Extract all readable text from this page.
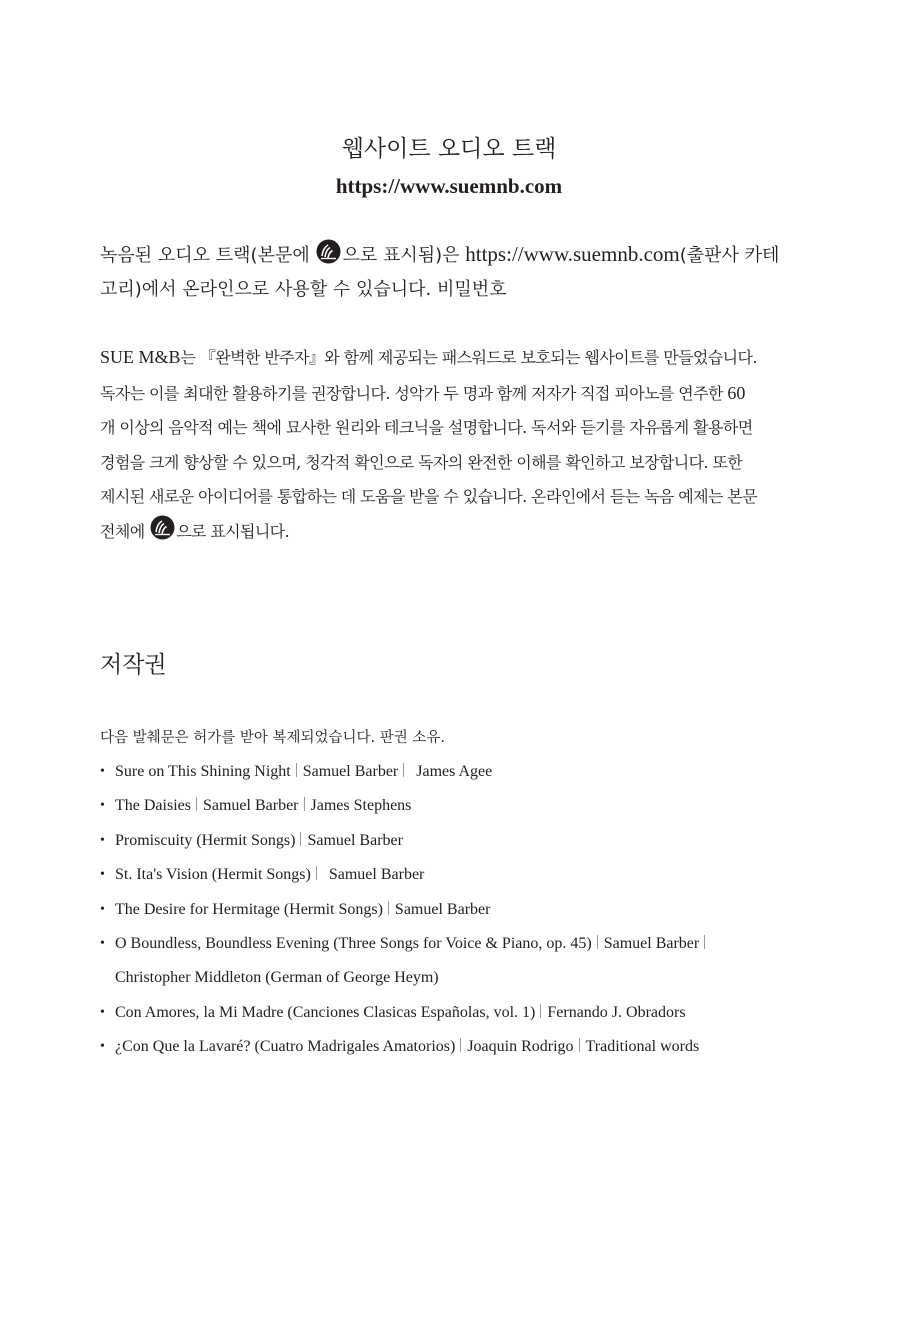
웹사이트 오디오 트랙
https://www.suemnb.com
녹음된 오디오 트랙(본문에
으로 표시됨)은 https://www.suemnb.com(출판사 카테고리)에서 온라인으로 사용할 수 있습니다. 비밀번호
SUE M&B는 『완벽한 반주자』와 함께 제공되는 패스워드로 보호되는 웹사이트를 만들었습니다. 독자는 이를 최대한 활용하기를 권장합니다. 성악가 두 명과 함께 저자가 직접 피아노를 연주한 60개 이상의 음악적 예는 책에 묘사한 원리와 테크닉을 설명합니다. 독서와 듣기를 자유롭게 활용하면 경험을 크게 향상할 수 있으며, 청각적 확인으로 독자의 완전한 이해를 확인하고 보장합니다. 또한 제시된 새로운 아이디어를 통합하는 데 도움을 받을 수 있습니다. 온라인에서 듣는 녹음 예제는 본문 전체에
으로 표시됩니다.
저작권
다음 발췌문은 허가를 받아 복제되었습니다. 판권 소유.
• Sure on This Shining Night Samuel Barber James Agee
• The Daisies Samuel Barber James Stephens
• Promiscuity (Hermit Songs) Samuel Barber
• St. Ita's Vision (Hermit Songs) Samuel Barber
• The Desire for Hermitage (Hermit Songs) Samuel Barber
• O Boundless, Boundless Evening (Three Songs for Voice & Piano, op. 45) Samuel Barber
Christopher Middleton (German of George Heym)
• Con Amores, la Mi Madre (Canciones Clasicas Españolas, vol. 1) Fernando J. Obradors
• ¿Con Que la Lavaré? (Cuatro Madrigales Amatorios) Joaquin Rodrigo Traditional words
